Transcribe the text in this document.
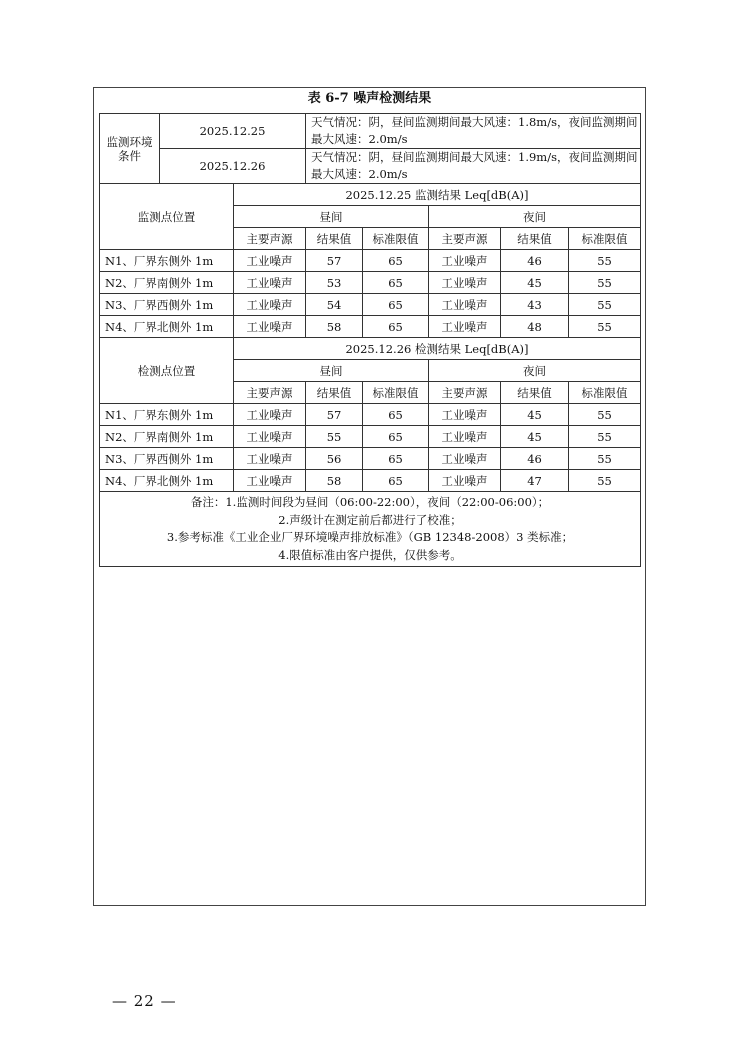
表 6-7 噪声检测结果
监测环境条件	2025.12.25		天气情况：阴，昼间监测期间最大风速：1.8m/s，夜间监测期间最大风速：2.0m/s				
	2025.12.26		天气情况：阴，昼间监测期间最大风速：1.9m/s，夜间监测期间最大风速：2.0m/s				
监测点位置		2025.12.25 监测结果 Leq[dB(A)]					
		昼间			夜间		
		主要声源	结果值	标准限值	主要声源	结果值	标准限值
N1、厂界东侧外 1m		工业噪声	57	65	工业噪声	46	55
N2、厂界南侧外 1m		工业噪声	53	65	工业噪声	45	55
N3、厂界西侧外 1m		工业噪声	54	65	工业噪声	43	55
N4、厂界北侧外 1m		工业噪声	58	65	工业噪声	48	55
检测点位置		2025.12.26 检测结果 Leq[dB(A)]					
		昼间			夜间		
		主要声源	结果值	标准限值	主要声源	结果值	标准限值
N1、厂界东侧外 1m		工业噪声	57	65	工业噪声	45	55
N2、厂界南侧外 1m		工业噪声	55	65	工业噪声	45	55
N3、厂界西侧外 1m		工业噪声	56	65	工业噪声	46	55
N4、厂界北侧外 1m		工业噪声	58	65	工业噪声	47	55

备注：1.监测时间段为昼间（06:00-22:00），夜间（22:00-06:00）；
2.声级计在测定前后都进行了校准；
3.参考标准《工业企业厂界环境噪声排放标准》（GB 12348-2008）3 类标准；
4.限值标准由客户提供，仅供参考。							
— 22 —
